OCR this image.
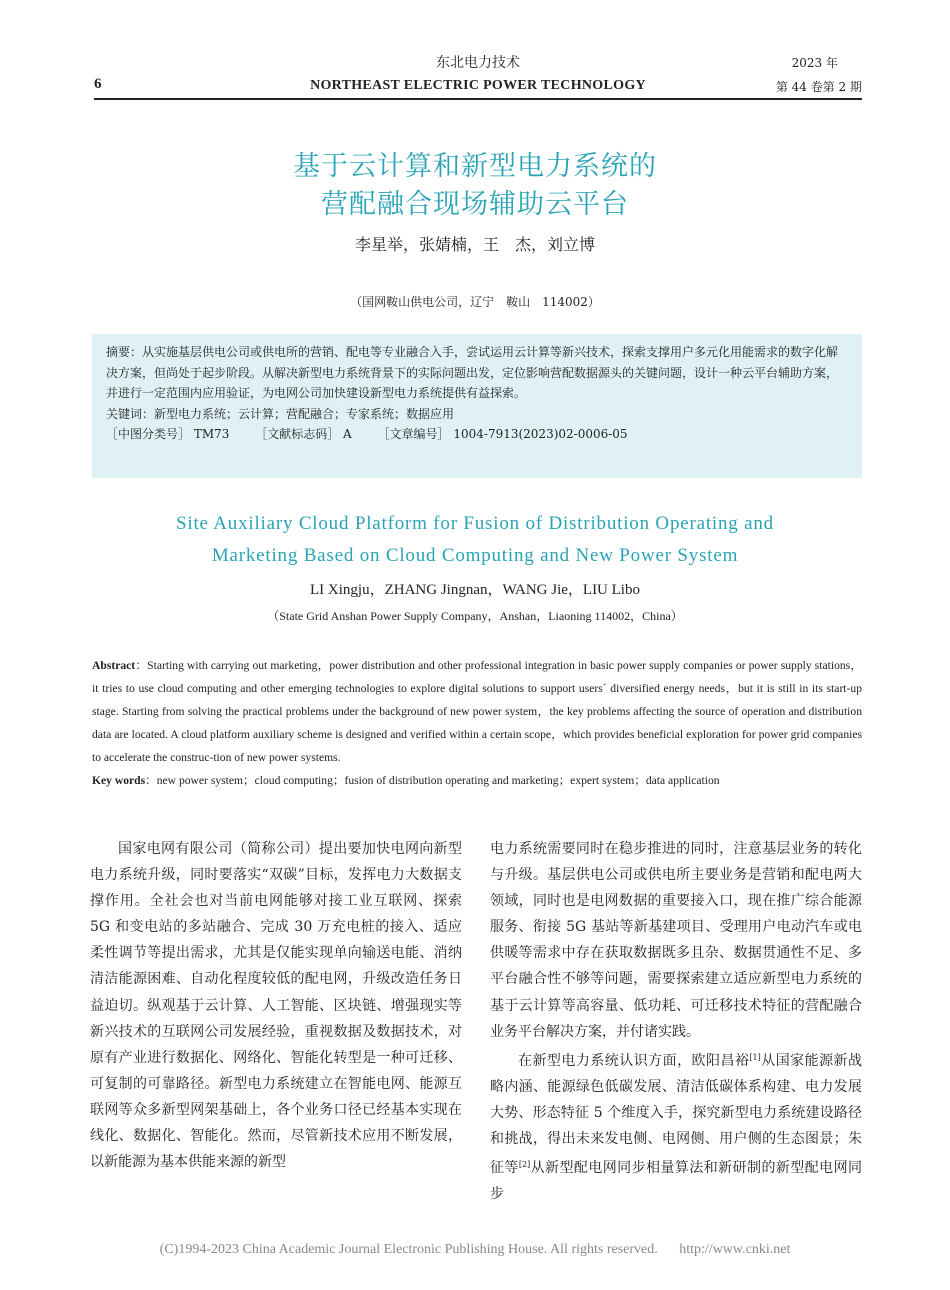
6
东北电力技术
NORTHEAST ELECTRIC POWER TECHNOLOGY
2023 年
第 44 卷第 2 期
基于云计算和新型电力系统的
营配融合现场辅助云平台
李星举，张婧楠，王　杰，刘立博
（国网鞍山供电公司，辽宁　鞍山　114002）

摘要：从实施基层供电公司或供电所的营销、配电等专业融合入手，尝试运用云计算等新兴技术，探索支撑用户多元化用能需求的数字化解决方案，但尚处于起步阶段。从解决新型电力系统背景下的实际问题出发，定位影响营配数据源头的关键问题，设计一种云平台辅助方案，并进行一定范围内应用验证，为电网公司加快建设新型电力系统提供有益探索。

关键词：新型电力系统；云计算；营配融合；专家系统；数据应用

［中图分类号］ TM73 ［文献标志码］ A ［文章编号］ 1004-7913(2023)02-0006-05

Site Auxiliary Cloud Platform for Fusion of Distribution Operating and
Marketing Based on Cloud Computing and New Power System
LI Xingju，ZHANG Jingnan，WANG Jie，LIU Libo
（State Grid Anshan Power Supply Company，Anshan，Liaoning 114002，China）

Abstract：Starting with carrying out marketing，power distribution and other professional integration in basic power supply companies or power supply stations，it tries to use cloud computing and other emerging technologies to explore digital solutions to support users´ diversified energy needs，but it is still in its start-up stage. Starting from solving the practical problems under the background of new power system，the key problems affecting the source of operation and distribution data are located. A cloud platform auxiliary scheme is designed and verified within a certain scope，which provides beneficial exploration for power grid companies to accelerate the construc-tion of new power systems.

Key words：new power system；cloud computing；fusion of distribution operating and marketing；expert system；data application

国家电网有限公司（简称公司）提出要加快电网向新型电力系统升级，同时要落实“双碳”目标，发挥电力大数据支撑作用。全社会也对当前电网能够对接工业互联网、探索 5G 和变电站的多站融合、完成 30 万充电桩的接入、适应柔性调节等提出需求，尤其是仅能实现单向输送电能、消纳清洁能源困难、自动化程度较低的配电网，升级改造任务日益迫切。纵观基于云计算、人工智能、区块链、增强现实等新兴技术的互联网公司发展经验，重视数据及数据技术，对原有产业进行数据化、网络化、智能化转型是一种可迁移、可复制的可靠路径。新型电力系统建立在智能电网、能源互联网等众多新型网架基础上，各个业务口径已经基本实现在线化、数据化、智能化。然而，尽管新技术应用不断发展，以新能源为基本供能来源的新型

电力系统需要同时在稳步推进的同时，注意基层业务的转化与升级。基层供电公司或供电所主要业务是营销和配电两大领域，同时也是电网数据的重要接入口，现在推广综合能源服务、衔接 5G 基站等新基建项目、受理用户电动汽车或电供暖等需求中存在获取数据既多且杂、数据贯通性不足、多平台融合性不够等问题，需要探索建立适应新型电力系统的基于云计算等高容量、低功耗、可迁移技术特征的营配融合业务平台解决方案，并付诸实践。

在新型电力系统认识方面，欧阳昌裕[1]从国家能源新战略内涵、能源绿色低碳发展、清洁低碳体系构建、电力发展大势、形态特征 5 个维度入手，探究新型电力系统建设路径和挑战，得出未来发电侧、电网侧、用户侧的生态图景；朱征等[2]从新型配电网同步相量算法和新研制的新型配电网同步

(C)1994-2023 China Academic Journal Electronic Publishing House. All rights reserved. http://www.cnki.net
